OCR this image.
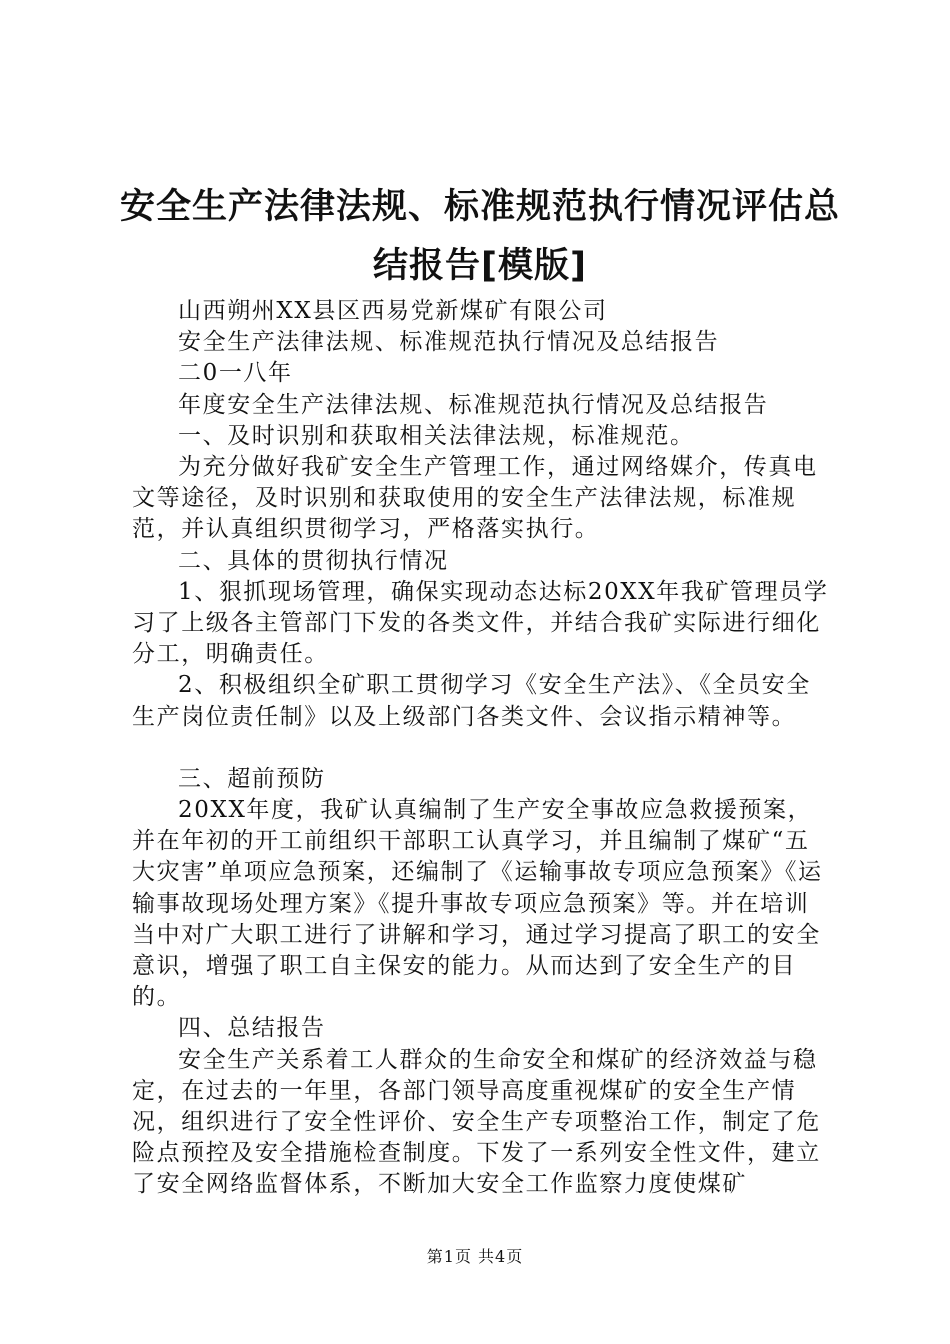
安全生产法律法规、标准规范执行情况评估总
结报告[模版]

山西朔州XX县区西易党新煤矿有限公司

安全生产法律法规、标准规范执行情况及总结报告

二0一八年

年度安全生产法律法规、标准规范执行情况及总结报告

一、及时识别和获取相关法律法规，标准规范。

为充分做好我矿安全生产管理工作，通过网络媒介，传真电文等途径，及时识别和获取使用的安全生产法律法规，标准规范，并认真组织贯彻学习，严格落实执行。

二、具体的贯彻执行情况

1、狠抓现场管理，确保实现动态达标20XX年我矿管理员学习了上级各主管部门下发的各类文件，并结合我矿实际进行细化分工，明确责任。

2、积极组织全矿职工贯彻学习《安全生产法》、《全员安全生产岗位责任制》以及上级部门各类文件、会议指示精神等。

三、超前预防

20XX年度，我矿认真编制了生产安全事故应急救援预案，并在年初的开工前组织干部职工认真学习，并且编制了煤矿“五大灾害”单项应急预案，还编制了《运输事故专项应急预案》《运输事故现场处理方案》《提升事故专项应急预案》等。并在培训当中对广大职工进行了讲解和学习，通过学习提高了职工的安全意识，增强了职工自主保安的能力。从而达到了安全生产的目的。

四、总结报告

安全生产关系着工人群众的生命安全和煤矿的经济效益与稳定，在过去的一年里，各部门领导高度重视煤矿的安全生产情况，组织进行了安全性评价、安全生产专项整治工作，制定了危险点预控及安全措施检查制度。下发了一系列安全性文件，建立了安全网络监督体系，不断加大安全工作监察力度使煤矿

第1页 共4页
